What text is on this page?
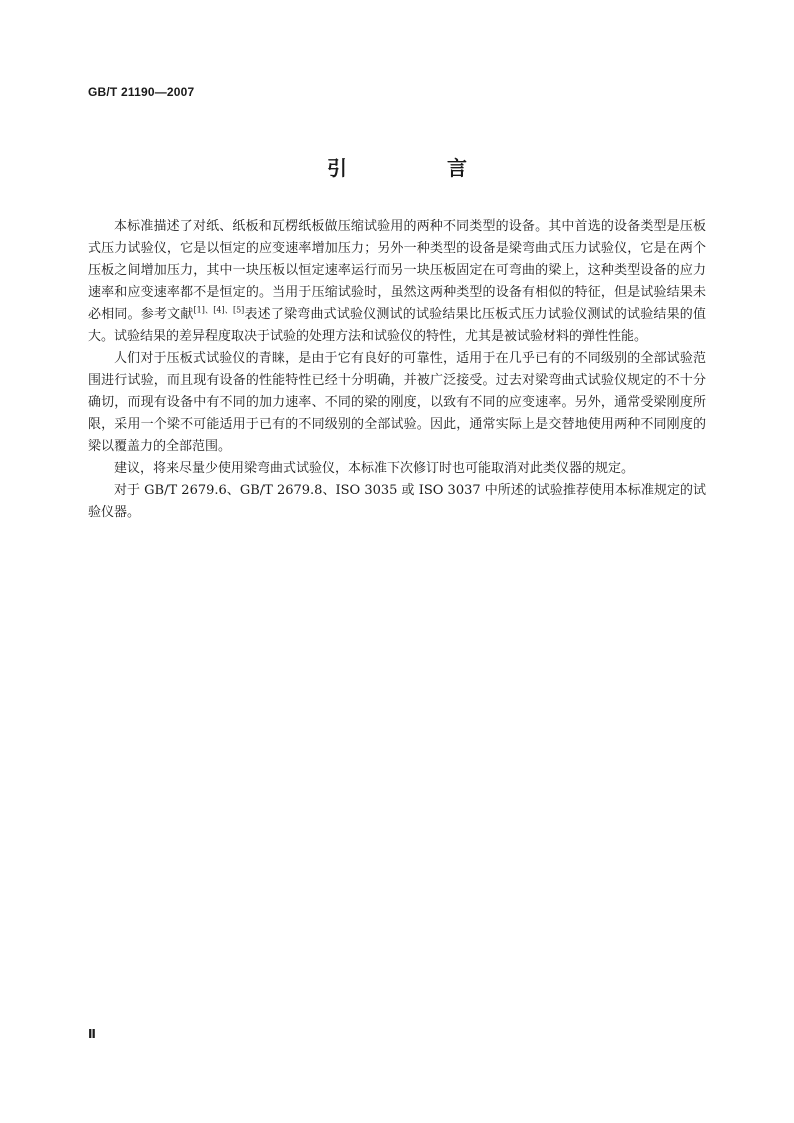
GB/T 21190—2007
引　言

本标准描述了对纸、纸板和瓦楞纸板做压缩试验用的两种不同类型的设备。其中首选的设备类型是压板式压力试验仪，它是以恒定的应变速率增加压力；另外一种类型的设备是梁弯曲式压力试验仪，它是在两个压板之间增加压力，其中一块压板以恒定速率运行而另一块压板固定在可弯曲的梁上，这种类型设备的应力速率和应变速率都不是恒定的。当用于压缩试验时，虽然这两种类型的设备有相似的特征，但是试验结果未必相同。参考文献[1]、[4]、[5]表述了梁弯曲式试验仪测试的试验结果比压板式压力试验仪测试的试验结果的值大。试验结果的差异程度取决于试验的处理方法和试验仪的特性，尤其是被试验材料的弹性性能。

人们对于压板式试验仪的青睐，是由于它有良好的可靠性，适用于在几乎已有的不同级别的全部试验范围进行试验，而且现有设备的性能特性已经十分明确，并被广泛接受。过去对梁弯曲式试验仪规定的不十分确切，而现有设备中有不同的加力速率、不同的梁的刚度，以致有不同的应变速率。另外，通常受梁刚度所限，采用一个梁不可能适用于已有的不同级别的全部试验。因此，通常实际上是交替地使用两种不同刚度的梁以覆盖力的全部范围。

建议，将来尽量少使用梁弯曲式试验仪，本标准下次修订时也可能取消对此类仪器的规定。

对于 GB/T 2679.6、GB/T 2679.8、ISO 3035 或 ISO 3037 中所述的试验推荐使用本标准规定的试验仪器。

Ⅱ
